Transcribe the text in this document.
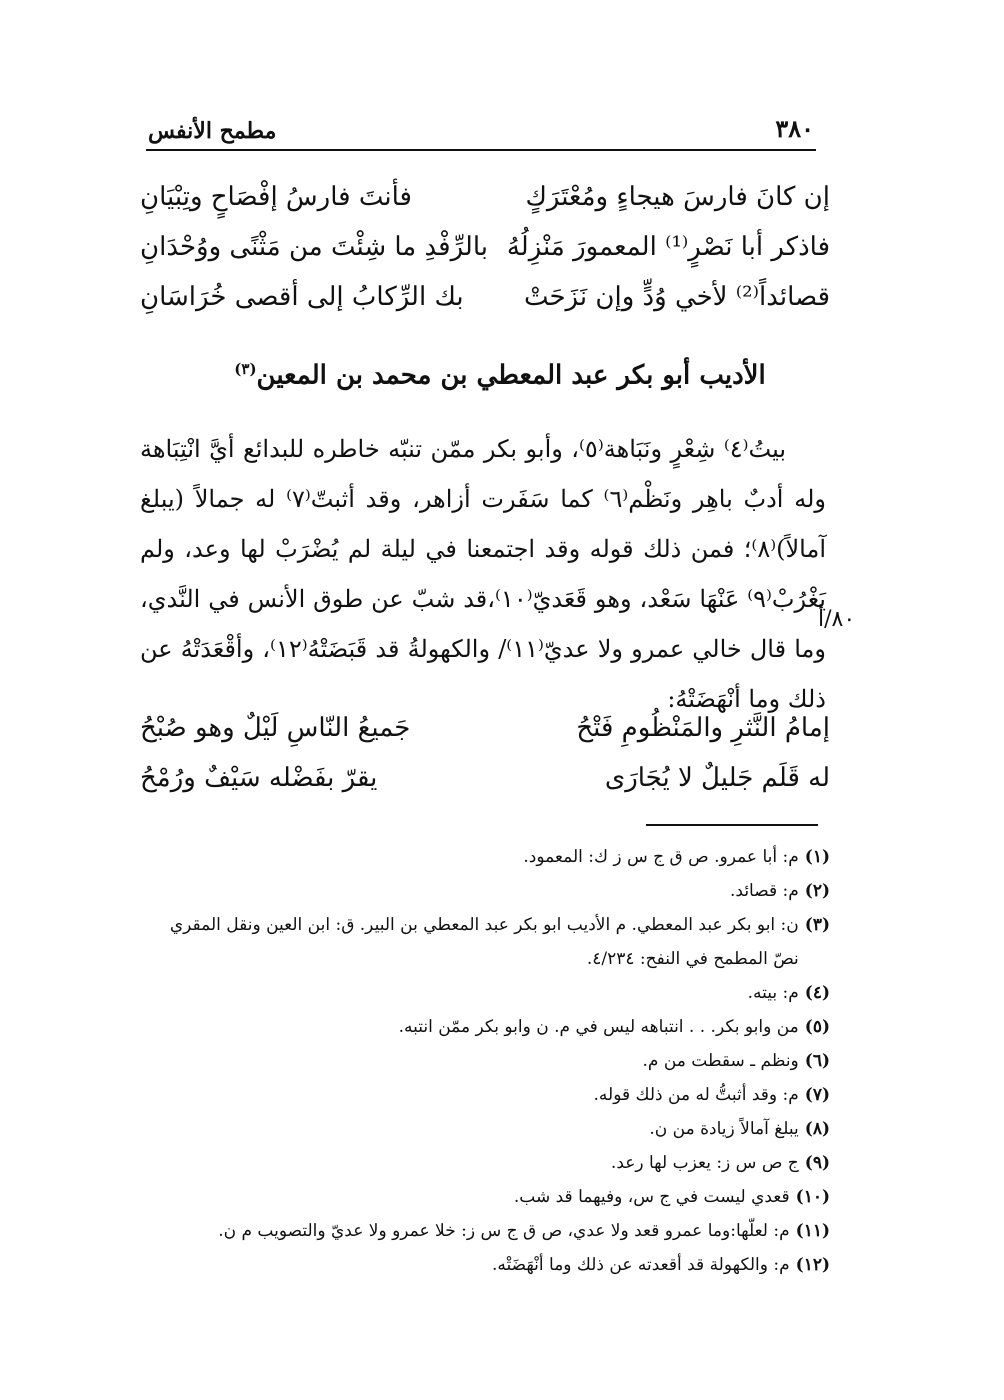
٣٨٠
مطمح الأنفس
إن كانَ فارسَ هيجاءٍ ومُعْتَرَكٍ
فأنتَ فارسُ إفْصَاحٍ وتِبْيَانِ
فاذكر أبا نَصْرٍ⁽¹⁾ المعمورَ مَنْزِلُهُ
بالرِّفْدِ ما شِئْتَ من مَثْنًى ووُحْدَانِ
قصائداً⁽²⁾ لأخي وُدٍّ وإن نَزَحَتْ
بك الرِّكابُ إلى أقصى خُرَاسَانِ
الأديب أبو بكر عبد المعطي بن محمد بن المعين$^{(٣)}$

بيتُ⁽٤⁾ شِعْرٍ ونَبَاهة⁽٥⁾، وأبو بكر ممّن تنبّه خاطره للبدائع أيَّ انْتِبَاهة وله أدبٌ باهِر ونَظْم⁽٦⁾ كما سَفَرت أزاهر، وقد أثبتّ⁽٧⁾ له جمالاً (يبلغ آمالاً)⁽٨⁾؛ فمن ذلك قوله وقد اجتمعنا في ليلة لم يُضْرَبْ لها وعد، ولم يَغْرُبْ⁽٩⁾ عَنْهَا سَعْد، وهو قَعَديّ⁽١٠⁾،قد شبّ عن طوق الأنس في النَّدي، وما قال خالي عمرو ولا عديّ⁽١١⁾/ والكهولةُ قد قَبَضَتْهُ⁽١٢⁾، وأقْعَدَتْهُ عن ذلك وما أنْهَضَتْهُ:

٨٠/أ
إمامُ النَّثرِ والمَنْظُومِ فَتْحُ
جَميعُ النّاسِ لَيْلٌ وهو صُبْحُ
له قَلَم جَليلٌ لا يُجَارَى
يقرّ بفَضْله سَيْفٌ ورُمْحُ
(١)
م: أبا عمرو. ص ق ج س ز ك: المعمود.
(٢)
م: قصائد.
(٣)
ن: ابو بكر عبد المعطي. م الأديب ابو بكر عبد المعطي بن البير. ق: ابن العين ونقل المقري نصّ المطمح في النفح: ٤/٢٣٤.
(٤)
م: بيته.
(٥)
من وابو بكر. . . انتباهه ليس في م. ن وابو بكر ممّن انتبه.
(٦)
ونظم ـ سقطت من م.
(٧)
م: وقد أثبتُّ له من ذلك قوله.
(٨)
يبلغ آمالاً زيادة من ن.
(٩)
ج ص س ز: يعزب لها رعد.
(١٠)
قعدي ليست في ج س، وفيهما قد شب.
(١١)
م: لعلّها:وما عمرو قعد ولا عدي، ص ق ج س ز: خلا عمرو ولا عديّ والتصويب م ن.
(١٢)
م: والكهولة قد أقعدته عن ذلك وما أنْهَضَتْه.
